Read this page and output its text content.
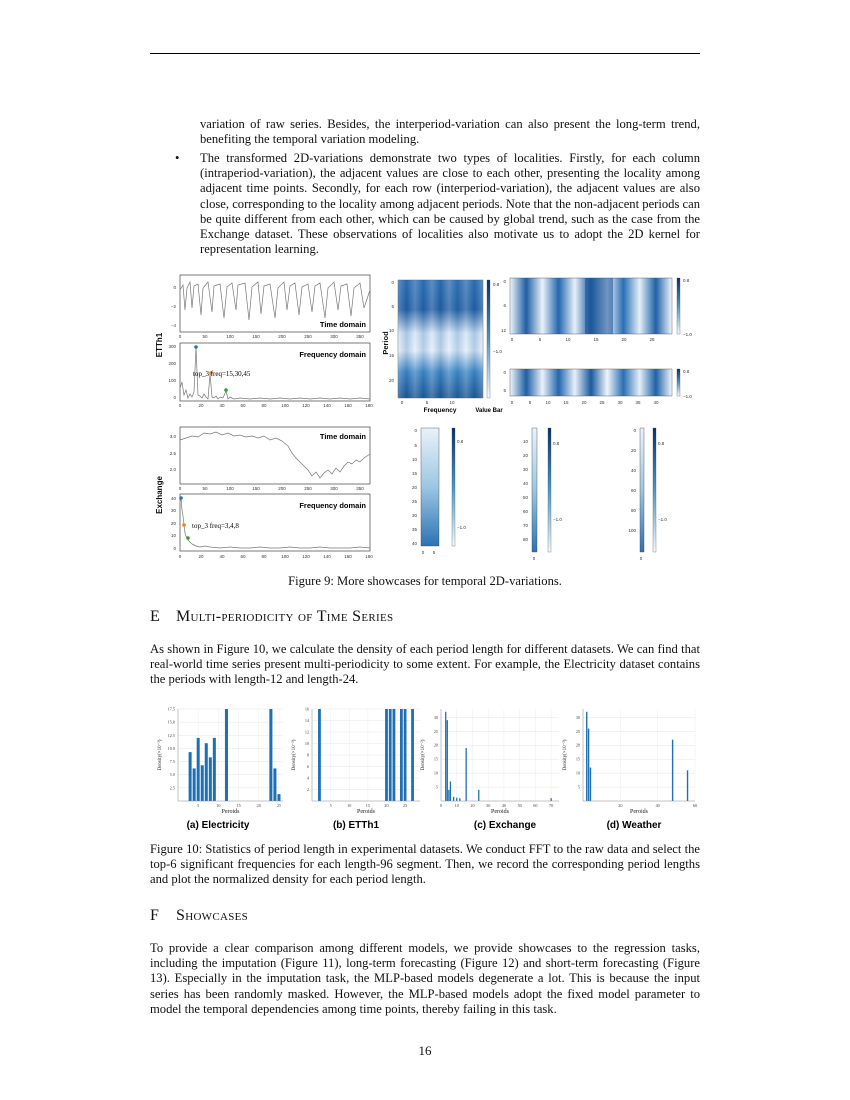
variation of raw series. Besides, the interperiod-variation can also present the long-term trend, benefiting the temporal variation modeling.
• The transformed 2D-variations demonstrate two types of localities. Firstly, for each column (intraperiod-variation), the adjacent values are close to each other, presenting the locality among adjacent time points. Secondly, for each row (interperiod-variation), the adjacent values are also close, corresponding to the locality among adjacent periods. Note that the non-adjacent periods can be quite different from each other, which can be caused by global trend, such as the case from the Exchange dataset. These observations of localities also motivate us to adopt the 2D kernel for representation learning.
ETTh1
0
−2
−4
0	50	100	150	200	250	300	350
Time domain
300
200
100
0
0	20	40	60	80	100	120	140	160	180
Frequency domain
top_3 freq=15,30,45
Period
0
5
10
15
20
0	5	10
Frequency
0.8
−1.0
Value Bar
0
6
12
0	5	10	15	20	25
0.8
−1.0
0
5
0	5	10	15	20	25	30	35	40
0.8
−1.0
Exchange
3.0
2.5
2.0
0	50	100	150	200	250	300	350
Time domain
40
30
20
10
0
0	20	40	60	80	100	120	140	160	180
Frequency domain
top_3 freq=3,4,8
0
5
10
15
20
25
30
35
40
0 5
0.8
−1.0
10
20
30
40
50
60
70
80
0
0.8
−1.0
0
20
40
60
80
100
0
0.8
−1.0
Figure 9: More showcases for temporal 2D-variations.
E Multi-periodicity of Time Series
As shown in Figure 10, we calculate the density of each period length for different datasets. We can find that real-world time series present multi-periodicity to some extent. For example, the Electricity dataset contains the periods with length-12 and length-24.
2.5
5.0
7.5
10.0
12.5
15.0
17.5
5	10	15	20	25
Peroids
Density(×10⁻²)
2
4
6
8
10
12
14
16
5	10	15	20	25
Peroids
Density(×10⁻²)
5
10
15
20
25
30
0	10	20	30	40	50	60	70
Peroids
Density(×10⁻²)
5
10
15
20
25
30
20	40	60
Peroids
Density(×10⁻²)
(a) Electricity	(b) ETTh1	(c) Exchange	(d) Weather
Figure 10: Statistics of period length in experimental datasets. We conduct FFT to the raw data and select the top-6 significant frequencies for each length-96 segment. Then, we record the corresponding period lengths and plot the normalized density for each period length.
F Showcases
To provide a clear comparison among different models, we provide showcases to the regression tasks, including the imputation (Figure 11), long-term forecasting (Figure 12) and short-term forecasting (Figure 13). Especially in the imputation task, the MLP-based models degenerate a lot. This is because the input series has been randomly masked. However, the MLP-based models adopt the fixed model parameter to model the temporal dependencies among time points, thereby failing in this task.
16
